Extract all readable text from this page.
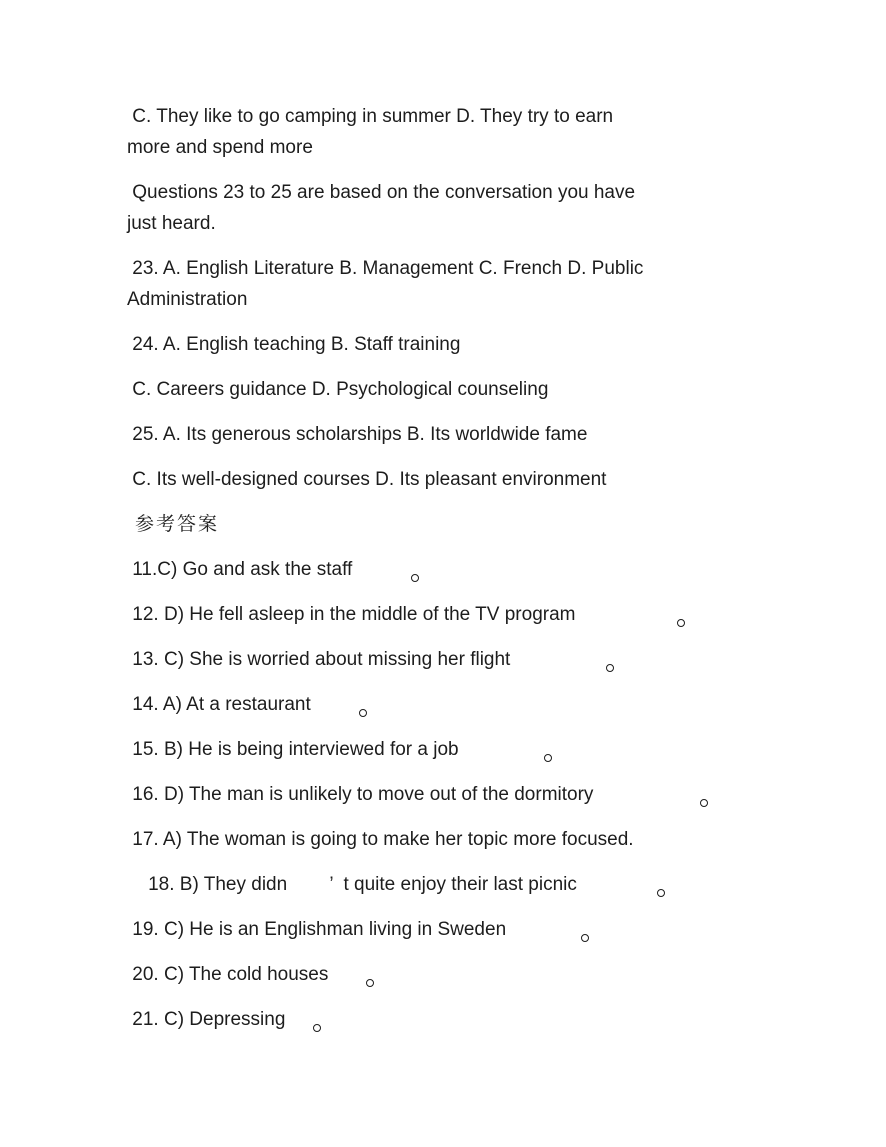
C. They like to go camping in summer D. They try to earn
more and spend more
Questions 23 to 25 are based on the conversation you have
just heard.
23. A. English Literature B. Management C. French D. Public
Administration
24. A. English teaching B. Staff training
C. Careers guidance D. Psychological counseling
25. A. Its generous scholarships B. Its worldwide fame
C. Its well-designed courses D. Its pleasant environment
参考答案
11.C) Go and ask the staff
12. D) He fell asleep in the middle of the TV program
13. C) She is worried about missing her flight
14. A) At a restaurant
15. B) He is being interviewed for a job
16. D) The man is unlikely to move out of the dormitory
17. A) The woman is going to make her topic more focused.
18. B) They didn        ’  t quite enjoy their last picnic
19. C) He is an Englishman living in Sweden
20. C) The cold houses
21. C) Depressing
